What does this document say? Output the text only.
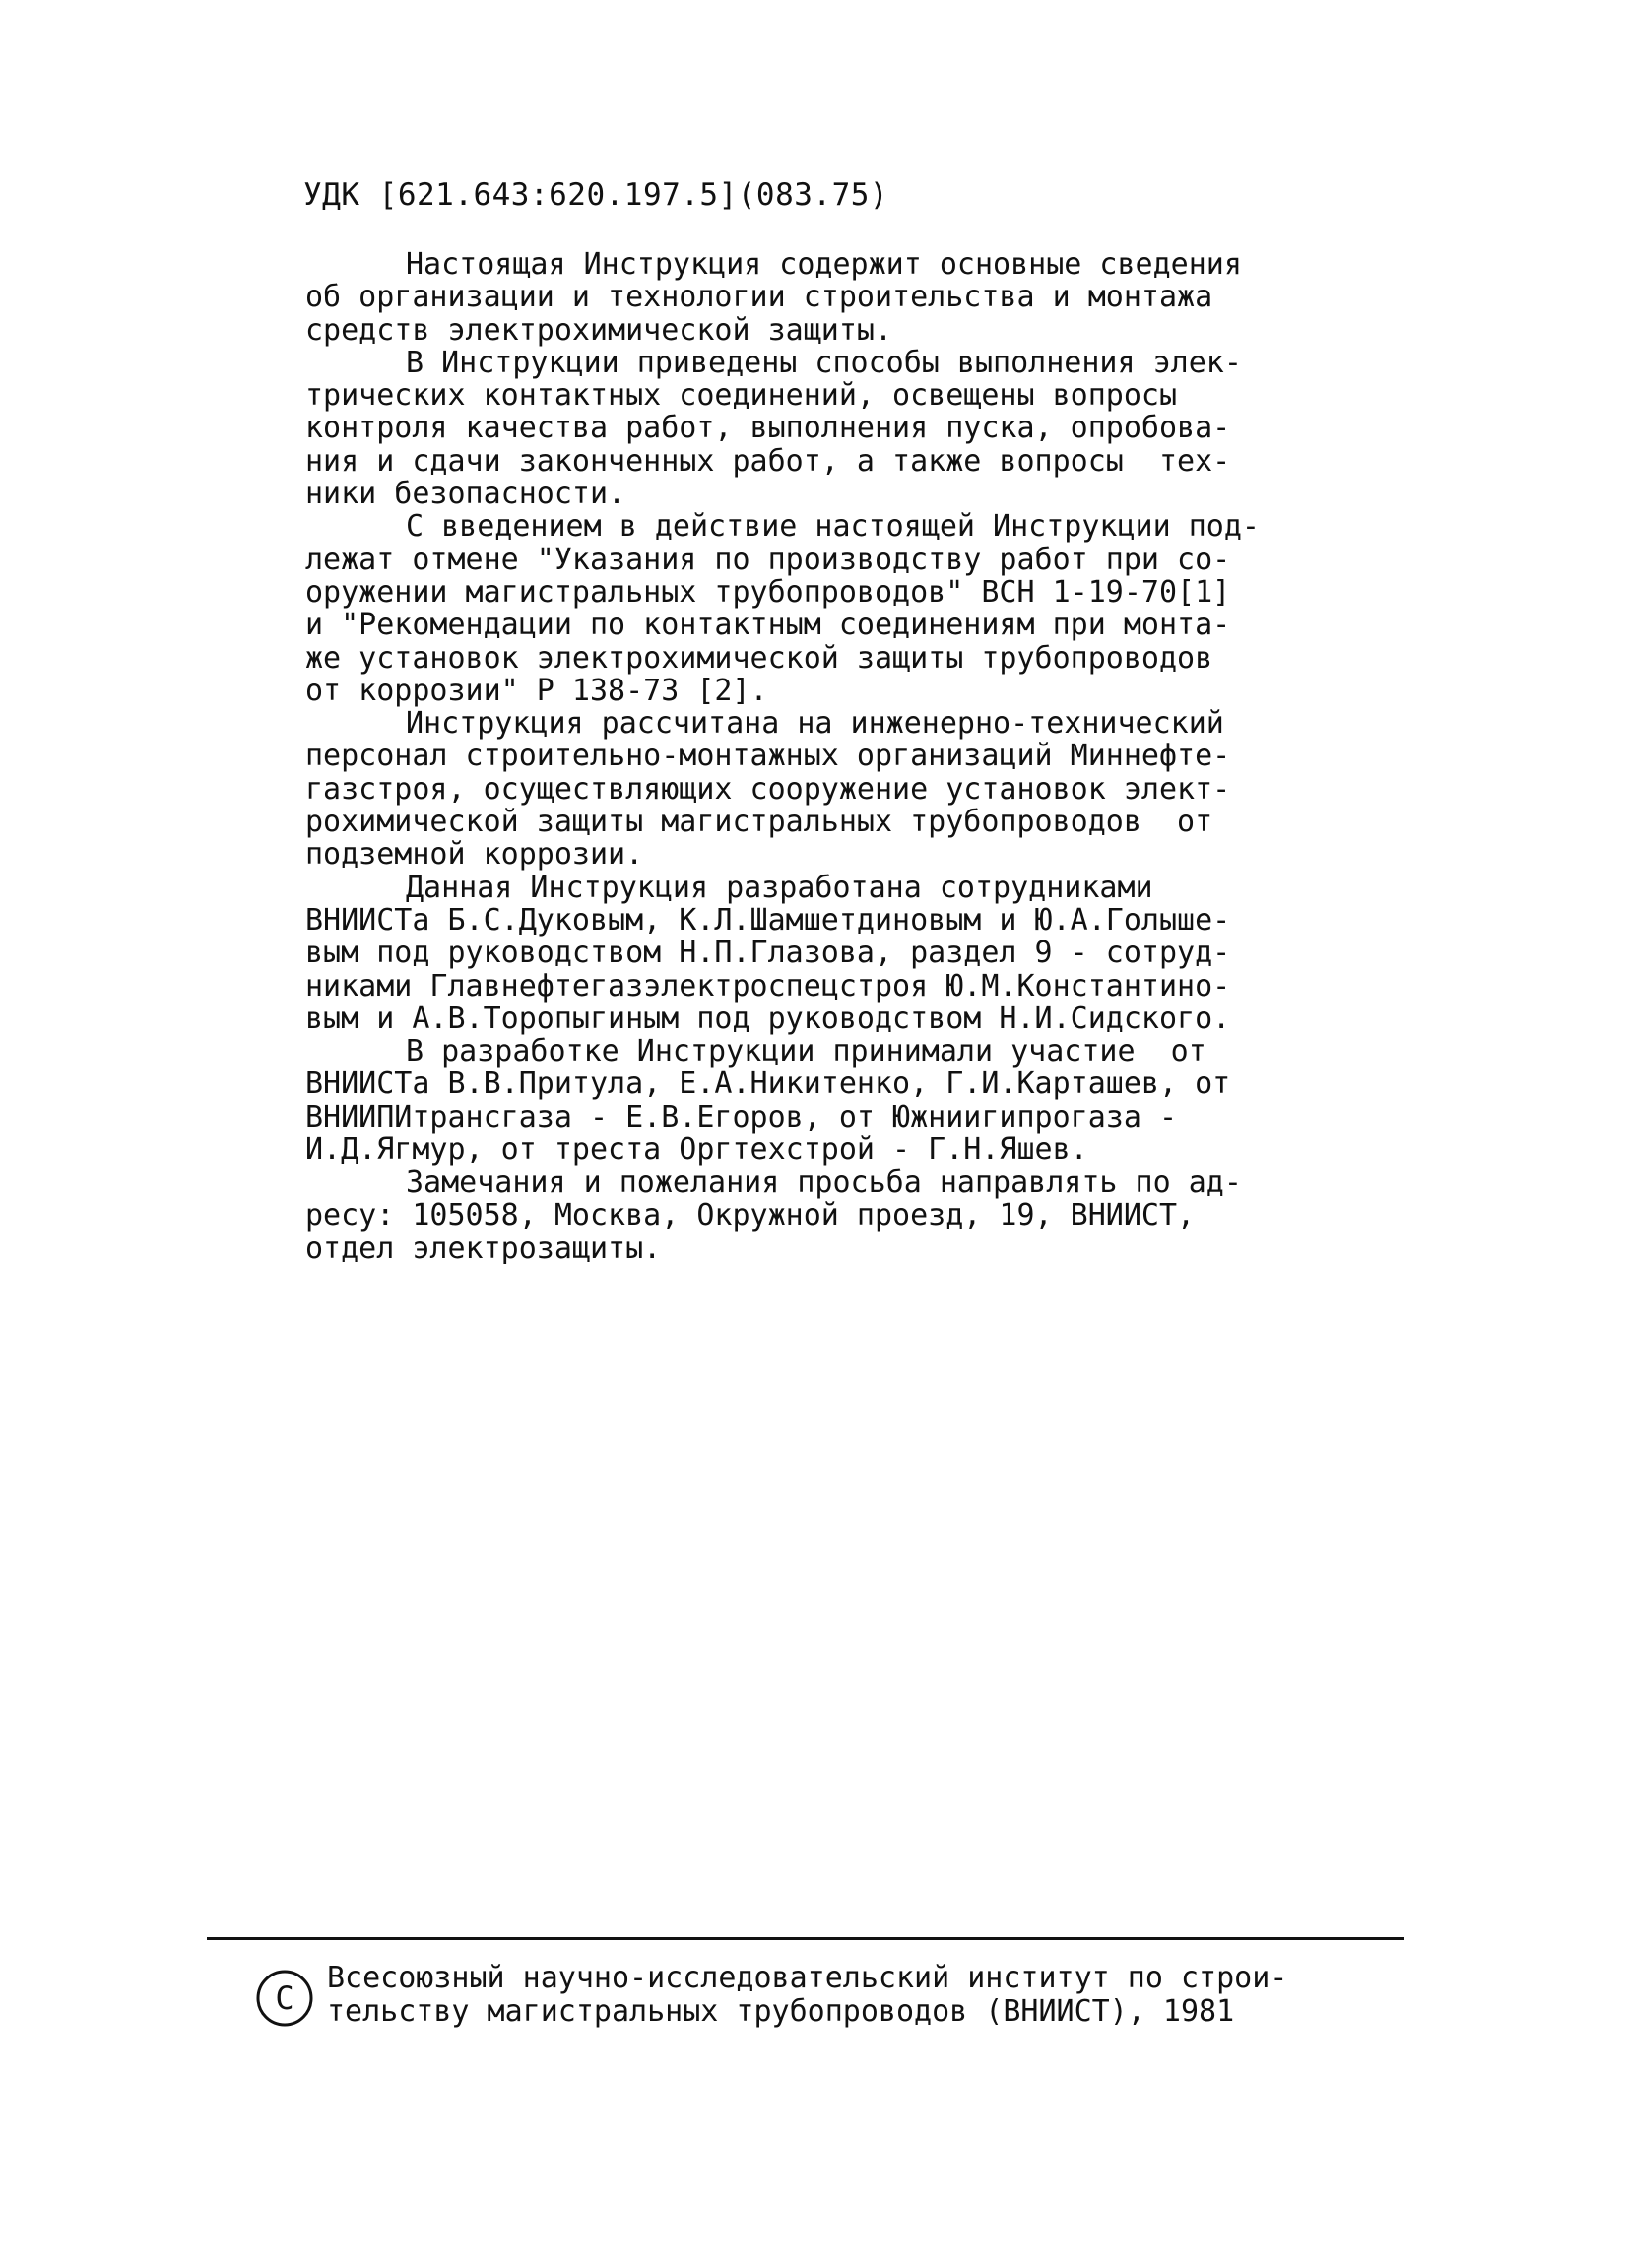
УДК [621.643:620.197.5](083.75)

Настоящая Инструкция содержит основные сведения
об организации и технологии строительства и монтажа
средств электрохимической защиты.

В Инструкции приведены способы выполнения элек-
трических контактных соединений, освещены вопросы
контроля качества работ, выполнения пуска, опробова-
ния и сдачи законченных работ, а также вопросы  тех-
ники безопасности.

С введением в действие настоящей Инструкции под-
лежат отмене "Указания по производству работ при со-
оружении магистральных трубопроводов" ВСН 1-19-70[1]
и "Рекомендации по контактным соединениям при монта-
же установок электрохимической защиты трубопроводов
от коррозии" Р 138-73 [2].

Инструкция рассчитана на инженерно-технический
персонал строительно-монтажных организаций Миннефте-
газстроя, осуществляющих сооружение установок элект-
рохимической защиты магистральных трубопроводов  от
подземной коррозии.

Данная Инструкция разработана сотрудниками
ВНИИСТа Б.С.Дуковым, К.Л.Шамшетдиновым и Ю.А.Голыше-
вым под руководством Н.П.Глазова, раздел 9 - сотруд-
никами Главнефтегазэлектроспецстроя Ю.М.Константино-
вым и А.В.Торопыгиным под руководством Н.И.Сидского.

В разработке Инструкции принимали участие  от
ВНИИСТа В.В.Притула, Е.А.Никитенко, Г.И.Карташев, от
ВНИИПИтрансгаза - Е.В.Егоров, от Южниигипрогаза -
И.Д.Ягмур, от треста Оргтехстрой - Г.Н.Яшев.

Замечания и пожелания просьба направлять по ад-
ресу: 105058, Москва, Окружной проезд, 19, ВНИИСТ,
отдел электрозащиты.

C
Всесоюзный научно-исследовательский институт по строи-
тельству магистральных трубопроводов (ВНИИСТ), 1981
